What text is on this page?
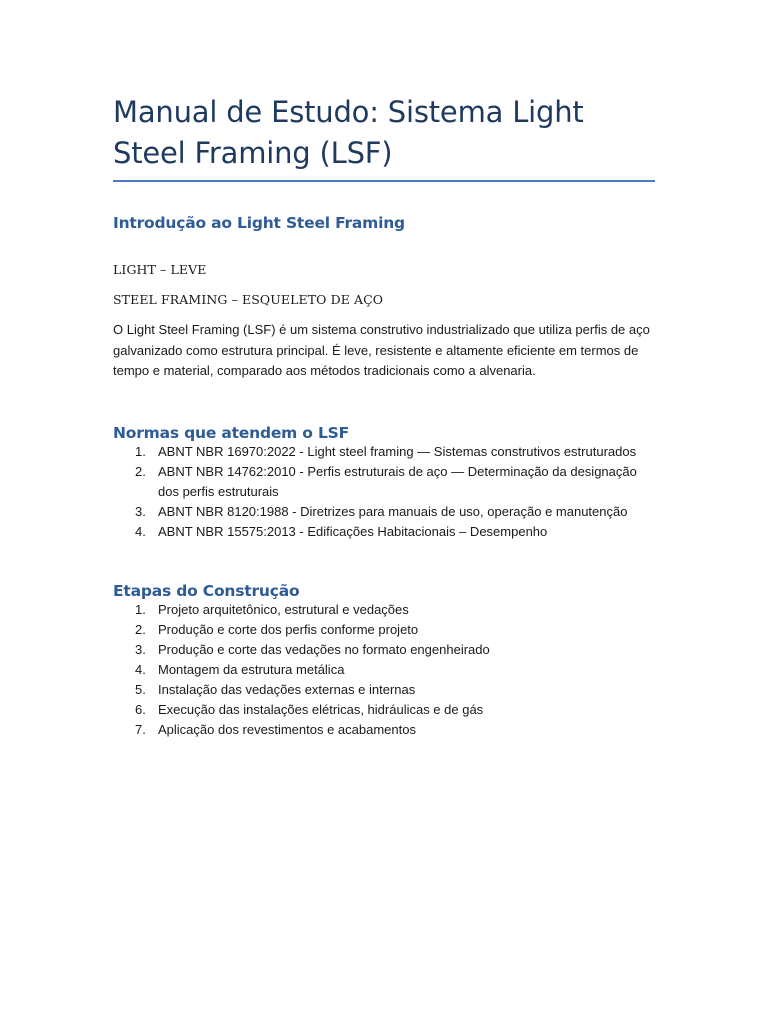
Manual de Estudo: Sistema Light Steel Framing (LSF)
Introdução ao Light Steel Framing

LIGHT – LEVE

STEEL FRAMING – ESQUELETO DE AÇO

O Light Steel Framing (LSF) é um sistema construtivo industrializado que utiliza perfis de aço galvanizado como estrutura principal. É leve, resistente e altamente eficiente em termos de tempo e material, comparado aos métodos tradicionais como a alvenaria.

Normas que atendem o LSF
1. ABNT NBR 16970:2022 - Light steel framing — Sistemas construtivos estruturados
2. ABNT NBR 14762:2010 - Perfis estruturais de aço — Determinação da designação dos perfis estruturais
3. ABNT NBR 8120:1988 - Diretrizes para manuais de uso, operação e manutenção
4. ABNT NBR 15575:2013 - Edificações Habitacionais – Desempenho
Etapas do Construção
1. Projeto arquitetônico, estrutural e vedações
2. Produção e corte dos perfis conforme projeto
3. Produção e corte das vedações no formato engenheirado
4. Montagem da estrutura metálica
5. Instalação das vedações externas e internas
6. Execução das instalações elétricas, hidráulicas e de gás
7. Aplicação dos revestimentos e acabamentos
